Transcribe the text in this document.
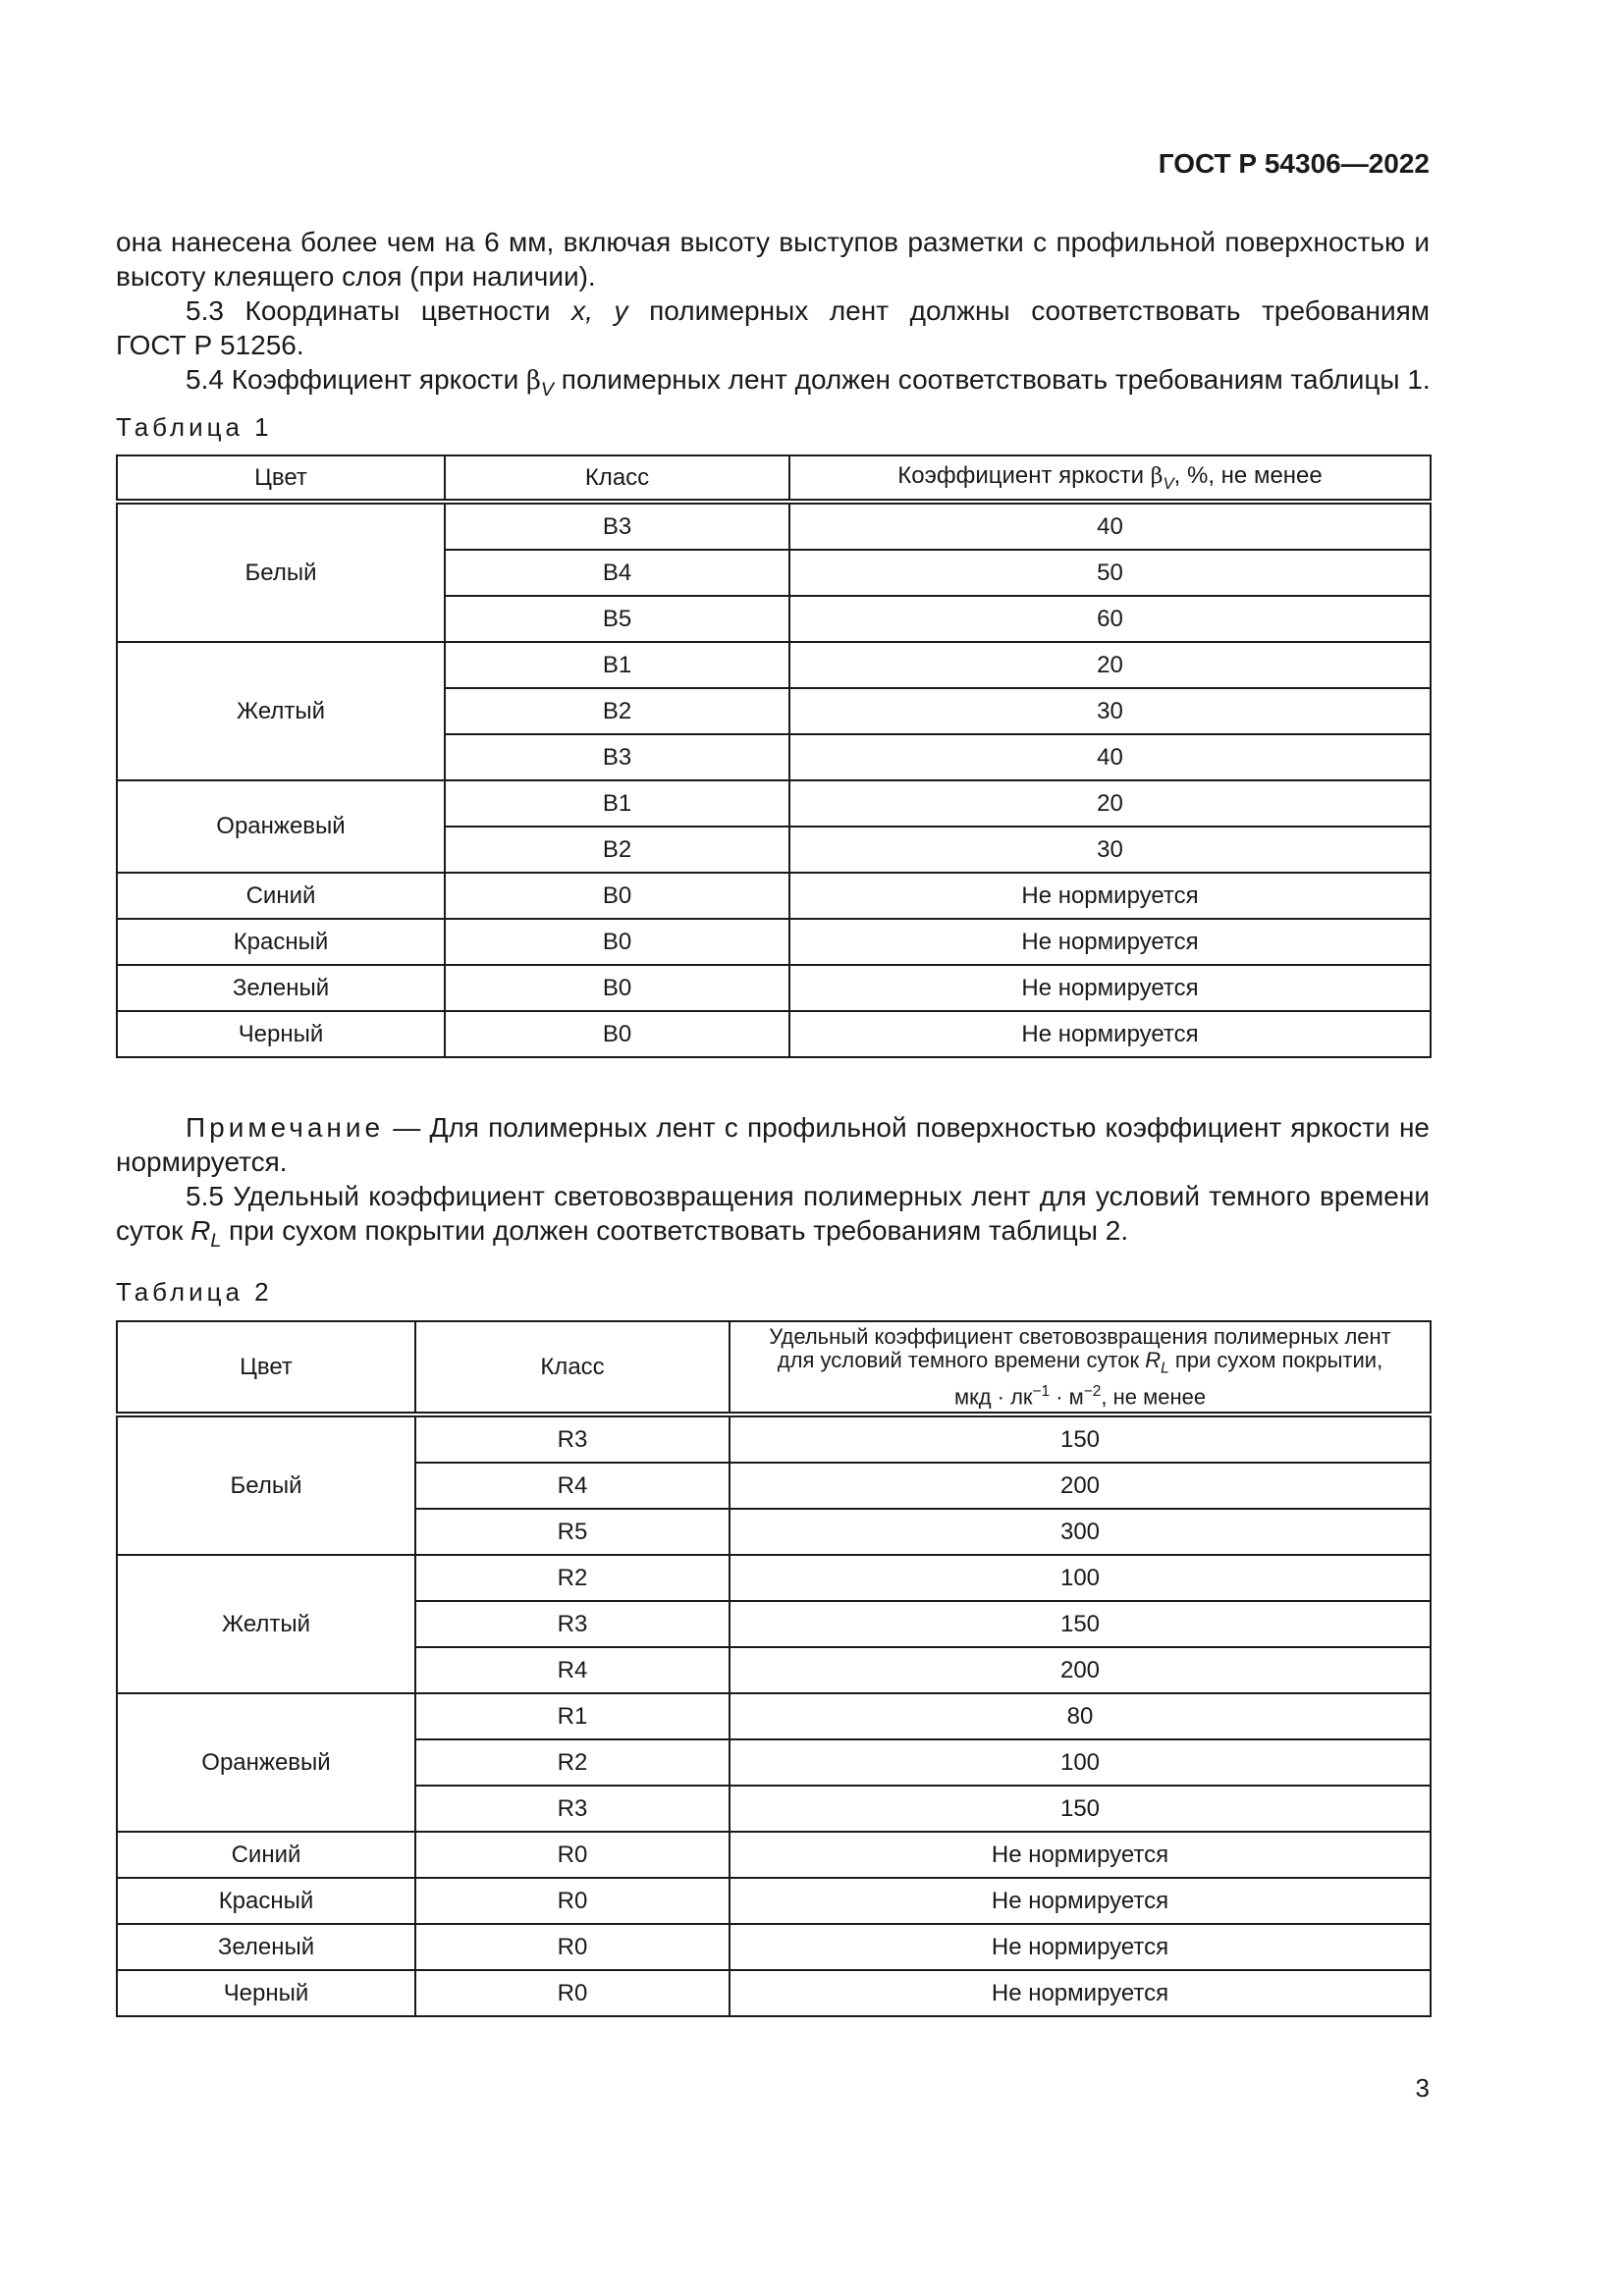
ГОСТ Р 54306—2022
она нанесена более чем на 6 мм, включая высоту выступов разметки с профильной поверхностью и
высоту клеящего слоя (при наличии).
5.3 Координаты цветности x, y полимерных лент должны соответствовать требованиям
ГОСТ Р 51256.
5.4 Коэффициент яркости $\beta_V$ полимерных лент должен соответствовать требованиям таблицы 1.
Таблица 1
Цвет	Класс	Коэффициент яркости $\beta_V$, %, не менее
Белый	B3	40
	B4	50
	B5	60
Желтый	B1	20
	B2	30
	B3	40
Оранжевый	B1	20
	B2	30
Синий	B0	Не нормируется
Красный	B0	Не нормируется
Зеленый	B0	Не нормируется
Черный	B0	Не нормируется
Примечание — Для полимерных лент с профильной поверхностью коэффициент яркости не
нормируется.
5.5 Удельный коэффициент световозвращения полимерных лент для условий темного времени
суток $R_L$ при сухом покрытии должен соответствовать требованиям таблицы 2.
Таблица 2
Цвет	Класс	Удельный коэффициент световозвращения полимерных лент
для условий темного времени суток $R_L$ при сухом покрытии,
мкд · $лк^{-1} \cdot м^{-2}$, не менее

Белый	R3	150
	R4	200
	R5	300
Желтый	R2	100
	R3	150
	R4	200
Оранжевый	R1	80
	R2	100
	R3	150
Синий	R0	Не нормируется
Красный	R0	Не нормируется
Зеленый	R0	Не нормируется
Черный	R0	Не нормируется
3
